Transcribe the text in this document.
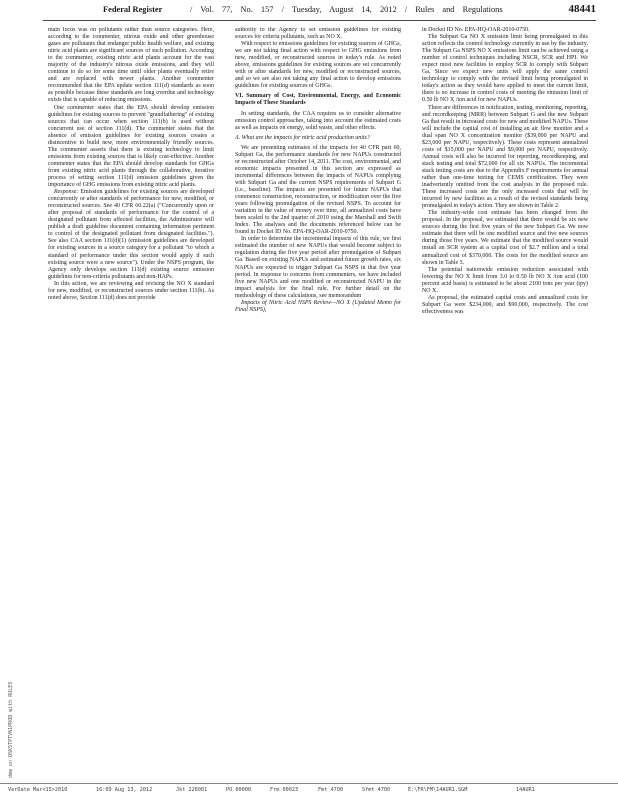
Federal Register	/ Vol. 77, No. 157 / Tuesday, August 14, 2012 / Rules and Regulations	48441

main focus was on pollutants rather than source categories. Here, according to the commenter, nitrous oxide and other greenhouse gases are pollutants that endanger public health welfare, and existing nitric acid plants are significant sources of such pollution. According to the commenter, existing nitric acid plants account for the vast majority of the industry's nitrous oxide emissions, and they will continue to do so for some time until older plants eventually retire and are replaced with newer plants. Another commenter recommended that the EPA update section 111(d) standards as soon as possible because these standards are long overdue and technology exists that is capable of reducing emissions.

One commenter states that the EPA should develop emission guidelines for existing sources to prevent "grandfathering" of existing sources that can occur when section 111(b) is used without concurrent use of section 111(d). The commenter states that the absence of emission guidelines for existing sources creates a disincentive to build new, more environmentally friendly sources. The commenter asserts that there is existing technology to limit emissions from existing sources that is likely cost-effective. Another commenter states that the EPA should develop standards for GHGs from existing nitric acid plants through the collaborative, iterative process of setting section 111(d) emission guidelines given the importance of GHG emissions from existing nitric acid plants.

Response: Emission guidelines for existing sources are developed concurrently or after standards of performance for new, modified, or reconstructed sources. See 40 CFR 60.22(a) ("Concurrently upon or after proposal of standards of performance for the control of a designated pollutant from affected facilities, the Administrator will publish a draft guideline document containing information pertinent to control of the designated pollutant from designated facilities."). See also CAA section 111(d)(1) (emission guidelines are developed for existing sources in a source category for a pollutant "to which a standard of performance under this section would apply if such existing source were a new source"). Under the NSPS program, the Agency only develops section 111(d) existing source emission guidelines for non-criteria pollutants and non-HAPs.

In this action, we are reviewing and revising the NO X standard for new, modified, or reconstructed sources under section 111(b). As noted above, Section 111(d) does not provide

authority to the Agency to set emission guidelines for existing sources for criteria pollutants, such as NO X.

With respect to emissions guidelines for existing sources of GHGs, we are not taking final action with respect to GHG emissions from new, modified, or reconstructed sources in today's rule. As noted above, emissions guidelines for existing sources are set concurrently with or after standards for new, modified or reconstructed sources, and so we are also not taking any final action to develop emissions guidelines for existing sources of GHGs.

VI. Summary of Cost, Environmental, Energy, and Economic Impacts of These Standards

In setting standards, the CAA requires us to consider alternative emission control approaches, taking into account the estimated costs as well as impacts on energy, solid waste, and other effects.

A. What are the impacts for nitric acid production units?

We are presenting estimates of the impacts for 40 CFR part 60, Subpart Ga, the performance standards for new NAPUs constructed or reconstructed after October 14, 2011. The cost, environmental, and economic impacts presented in this section are expressed as incremental differences between the impacts of NAPUs complying with Subpart Ga and the current NSPS requirements of Subpart G (i.e., baseline). The impacts are presented for future NAPUs that commence construction, reconstruction, or modification over the five years following promulgation of the revised NSPS. To account for variation in the value of money over time, all annualized costs have been scaled to the 2nd quarter of 2010 using the Marshall and Swift Index. The analyses and the documents referenced below can be found in Docket ID No. EPA-HQ-OAR-2010-0750.

In order to determine the incremental impacts of this rule, we first estimated the number of new NAPUs that would become subject to regulation during the five year period after promulgation of Subpart Ga. Based on existing NAPUs and estimated future growth rates, six NAPUs are expected to trigger Subpart Ga NSPS in that five year period. In response to concerns from commenters, we have included five new NAPUs and one modified or reconstructed NAPU in the impact analysis for the final rule. For further detail on the methodology of these calculations, see memorandum

Impacts of Nitric Acid NSPS Review—NO X (Updated Memo for Final NSPS),

in Docket ID No. EPA-HQ-OAR-2010-0750.

The Subpart Ga NO X emission limit being promulgated in this action reflects the control technology currently in use by the industry. The Subpart Ga NSPS NO X emissions limit can be achieved using a number of control techniques including NSCR, SCR and HPI. We expect most new facilities to employ SCR to comply with Subpart Ga. Since we expect new units will apply the same control technology to comply with the revised limit being promulgated in today's action as they would have applied to meet the current limit, there is no increase in control costs of meeting the emission limit of 0.50 lb NO X /ton acid for new NAPUs.

There are differences in notification, testing, monitoring, reporting, and recordkeeping (MRR) between Subpart G and the new Subpart Ga that result in increased costs for new and modified NAPUs. These will include the capital cost of installing an air flow monitor and a dual span NO X concentration monitor ($39,000 per NAPU and $23,000 per NAPU, respectively). These costs represent annualized costs of $15,000 per NAPU and $9,000 per NAPU, respectively. Annual costs will also be incurred for reporting, recordkeeping, and stack testing and total $72,000 for all six NAPUs. The incremental stack testing costs are due to the Appendix F requirements for annual rather than one-time testing for CEMS certification. They were inadvertently omitted from the cost analysis in the proposed rule. These increased costs are the only increased costs that will be incurred by new facilities as a result of the revised standards being promulgated in today's action. They are shown in Table 2.

The industry-wide cost estimate has been changed from the proposal. In the proposal, we estimated that there would be six new sources during the first five years of the new Subpart Ga. We now estimate that there will be one modified source and five new sources during those five years. We estimate that the modified source would install an SCR system at a capital cost of $2.7 million and a total annualized cost of $370,000. The costs for the modified source are shown in Table 3.

The potential nationwide emission reduction associated with lowering the NO X limit from 3.0 to 0.50 lb NO X /ton acid (100 percent acid basis) is estimated to be about 2100 tons per year (tpy) NO X.

As proposal, the estimated capital costs and annualized costs for Subpart Ga were $234,000, and $90,000, respectively. The cost effectiveness was

dmw on DSK5TPTVN1PROD with RULES
VerDate Mar<15>2010	16:09 Aug 13, 2012	Jkt 226001	PO 00000	Frm 00023	Fmt 4700	Sfmt 4700	E:\FR\FM\14AUR1.SGM	14AUR1
